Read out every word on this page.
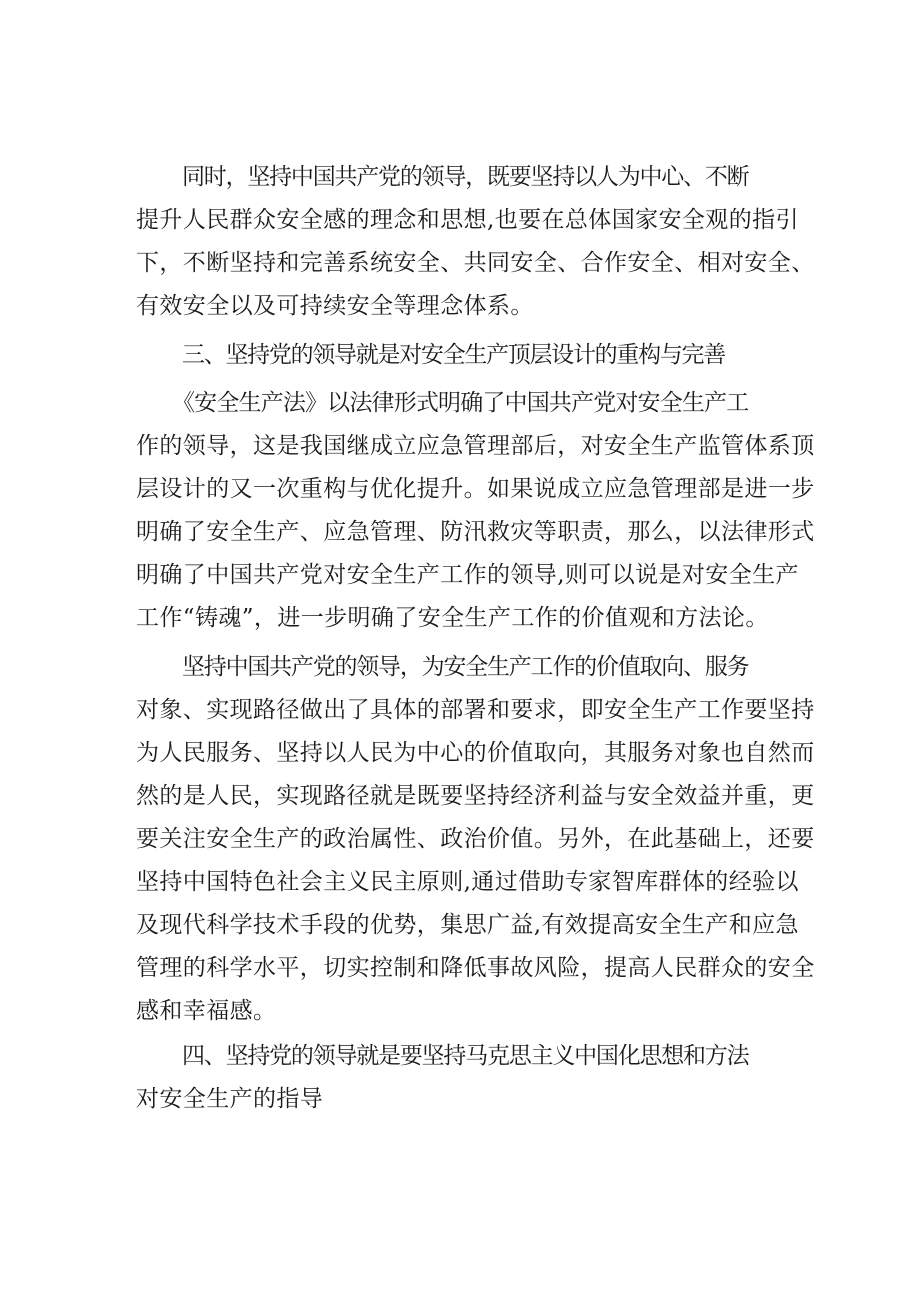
同时，坚持中国共产党的领导，既要坚持以人为中心、不断
提升人民群众安全感的理念和思想,也要在总体国家安全观的指引
下，不断坚持和完善系统安全、共同安全、合作安全、相对安全、
有效安全以及可持续安全等理念体系。
三、坚持党的领导就是对安全生产顶层设计的重构与完善
《安全生产法》以法律形式明确了中国共产党对安全生产工
作的领导，这是我国继成立应急管理部后，对安全生产监管体系顶
层设计的又一次重构与优化提升。如果说成立应急管理部是进一步
明确了安全生产、应急管理、防汛救灾等职责，那么，以法律形式
明确了中国共产党对安全生产工作的领导,则可以说是对安全生产
工作“铸魂”，进一步明确了安全生产工作的价值观和方法论。
坚持中国共产党的领导，为安全生产工作的价值取向、服务
对象、实现路径做出了具体的部署和要求，即安全生产工作要坚持
为人民服务、坚持以人民为中心的价值取向，其服务对象也自然而
然的是人民，实现路径就是既要坚持经济利益与安全效益并重，更
要关注安全生产的政治属性、政治价值。另外，在此基础上，还要
坚持中国特色社会主义民主原则,通过借助专家智库群体的经验以
及现代科学技术手段的优势，集思广益,有效提高安全生产和应急
管理的科学水平，切实控制和降低事故风险，提高人民群众的安全
感和幸福感。
四、坚持党的领导就是要坚持马克思主义中国化思想和方法
对安全生产的指导
